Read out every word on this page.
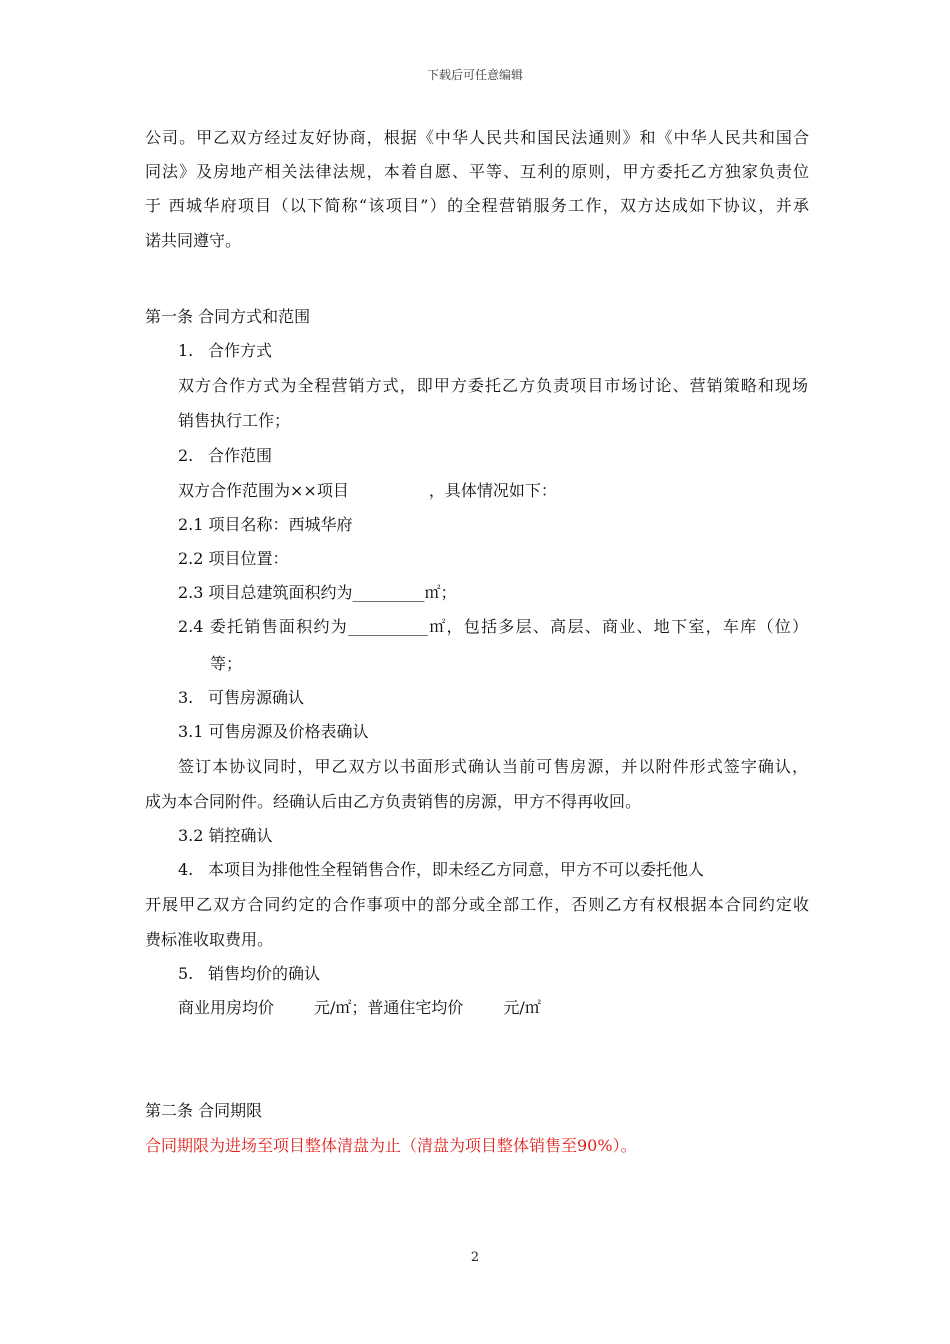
下载后可任意编辑
公司。甲乙双方经过友好协商，根据《中华人民共和国民法通则》和《中华人民共和国合
同法》及房地产相关法律法规，本着自愿、平等、互利的原则，甲方委托乙方独家负责位
于 西城华府项目（以下简称“该项目”）的全程营销服务工作，双方达成如下协议，并承
诺共同遵守。
第一条 合同方式和范围
1. 合作方式
双方合作方式为全程营销方式，即甲方委托乙方负责项目市场讨论、营销策略和现场
销售执行工作；
2. 合作范围
双方合作范围为××项目	，具体情况如下：
2.1 项目名称：西城华府
2.2 项目位置：
2.3 项目总建筑面积约为_________㎡；
2.4 委托销售面积约为__________㎡，包括多层、高层、商业、地下室，车库（位）
等；
3. 可售房源确认
3.1 可售房源及价格表确认
签订本协议同时，甲乙双方以书面形式确认当前可售房源，并以附件形式签字确认，
成为本合同附件。经确认后由乙方负责销售的房源，甲方不得再收回。
3.2 销控确认
4. 本项目为排他性全程销售合作，即未经乙方同意，甲方不可以委托他人
开展甲乙双方合同约定的合作事项中的部分或全部工作，否则乙方有权根据本合同约定收
费标准收取费用。
5. 销售均价的确认
商业用房均价	元/㎡；普通住宅均价	元/㎡
第二条 合同期限
合同期限为进场至项目整体清盘为止（清盘为项目整体销售至90%）。
2
